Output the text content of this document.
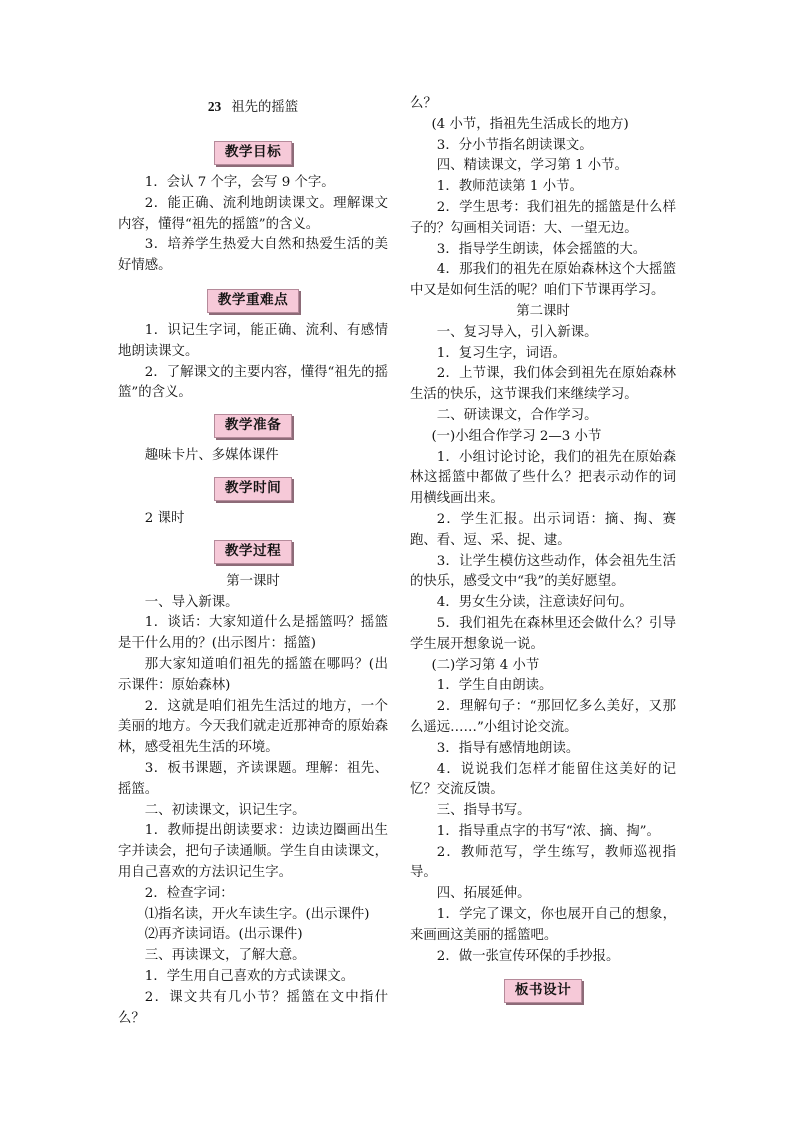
23 祖先的摇篮
教学目标

1．会认 7 个字，会写 9 个字。

2．能正确、流利地朗读课文。理解课文内容，懂得“祖先的摇篮”的含义。

3．培养学生热爱大自然和热爱生活的美好情感。

教学重难点

1．识记生字词，能正确、流利、有感情地朗读课文。

2．了解课文的主要内容，懂得“祖先的摇篮”的含义。

教学准备

趣味卡片、多媒体课件

教学时间

2 课时

教学过程

第一课时

一、导入新课。

1．谈话：大家知道什么是摇篮吗？摇篮是干什么用的？(出示图片：摇篮)

那大家知道咱们祖先的摇篮在哪吗？(出示课件：原始森林)

2．这就是咱们祖先生活过的地方，一个美丽的地方。今天我们就走近那神奇的原始森林，感受祖先生活的环境。

3．板书课题，齐读课题。理解：祖先、摇篮。

二、初读课文，识记生字。

1．教师提出朗读要求：边读边圈画出生字并读会，把句子读通顺。学生自由读课文，用自己喜欢的方法识记生字。

2．检查字词：

⑴指名读，开火车读生字。(出示课件)

⑵再齐读词语。(出示课件)

三、再读课文，了解大意。

1．学生用自己喜欢的方式读课文。

2．课文共有几小节？摇篮在文中指什么？

么？

(4 小节，指祖先生活成长的地方)

3．分小节指名朗读课文。

四、精读课文，学习第 1 小节。

1．教师范读第 1 小节。

2．学生思考：我们祖先的摇篮是什么样子的？勾画相关词语：大、一望无边。

3．指导学生朗读，体会摇篮的大。

4．那我们的祖先在原始森林这个大摇篮中又是如何生活的呢？咱们下节课再学习。

第二课时

一、复习导入，引入新课。

1．复习生字，词语。

2．上节课，我们体会到祖先在原始森林生活的快乐，这节课我们来继续学习。

二、研读课文，合作学习。

(一)小组合作学习 2—3 小节

1．小组讨论讨论，我们的祖先在原始森林这摇篮中都做了些什么？把表示动作的词用横线画出来。

2．学生汇报。出示词语：摘、掏、赛跑、看、逗、采、捉、逮。

3．让学生模仿这些动作，体会祖先生活的快乐，感受文中“我”的美好愿望。

4．男女生分读，注意读好问句。

5．我们祖先在森林里还会做什么？引导学生展开想象说一说。

(二)学习第 4 小节

1．学生自由朗读。

2．理解句子：“那回忆多么美好，又那么遥远……”小组讨论交流。

3．指导有感情地朗读。

4．说说我们怎样才能留住这美好的记忆？交流反馈。

三、指导书写。

1．指导重点字的书写“浓、摘、掏”。

2．教师范写，学生练写，教师巡视指导。

四、拓展延伸。

1．学完了课文，你也展开自己的想象，来画画这美丽的摇篮吧。

2．做一张宣传环保的手抄报。

板书设计
